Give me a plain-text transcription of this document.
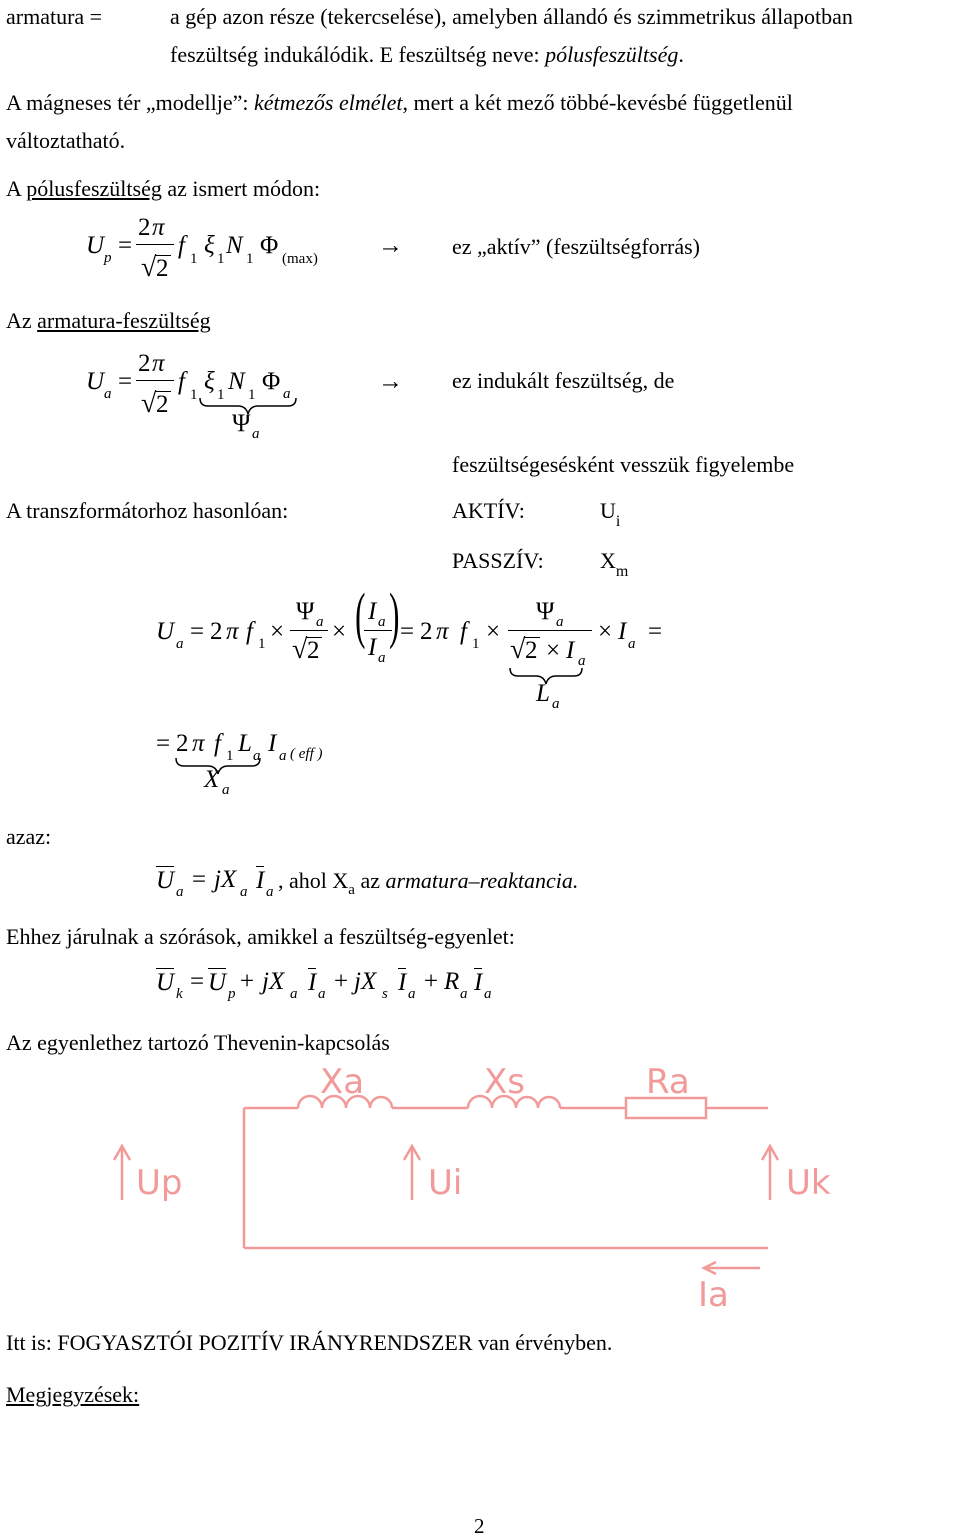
armatura =	a gép azon része (tekercselése), amelyben állandó és szimmetrikus állapotban
feszültség indukálódik. E feszültség neve: pólusfeszültség.
A mágneses tér „modellje”: kétmezős elmélet, mert a két mező többé-kevésbé függetlenül
változtatható.
A pólusfeszültség az ismert módon:
U p =
2 π
√ 2
f 1 ξ 1 N 1 Φ (max) → ez „aktív” (feszültségforrás)
Az armatura-feszültség
U a =
2 π
√ 2
f 1 ξ 1 N 1 Φ a
Ψ a
→ ez indukált feszültség, de
feszültségesésként vesszük figyelembe
A transzformátorhoz hasonlóan:	AKTÍV:	$U_i$
PASSZÍV:	$X_m$
U a = 2 π f 1 ×
Ψ a
√ 2
× ( I a
I a
) = 2 π f 1 ×
Ψ a
√ 2 × I a
× I a =
L a
= 2 π f 1 L a I a ( eff )
X a
azaz:
U a = jX a I a , ahol $X_a$ az armatura–reaktancia.
Ehhez járulnak a szórások, amikkel a feszültség-egyenlet:
U k = U p + jX a I a + jX s I a + R a I a
Az egyenlethez tartozó Thevenin-kapcsolás
Xa	Xs	Ra
Up	Ui	Uk
Ia
Itt is: FOGYASZTÓI POZITÍV IRÁNYRENDSZER van érvényben.
Megjegyzések:
2
